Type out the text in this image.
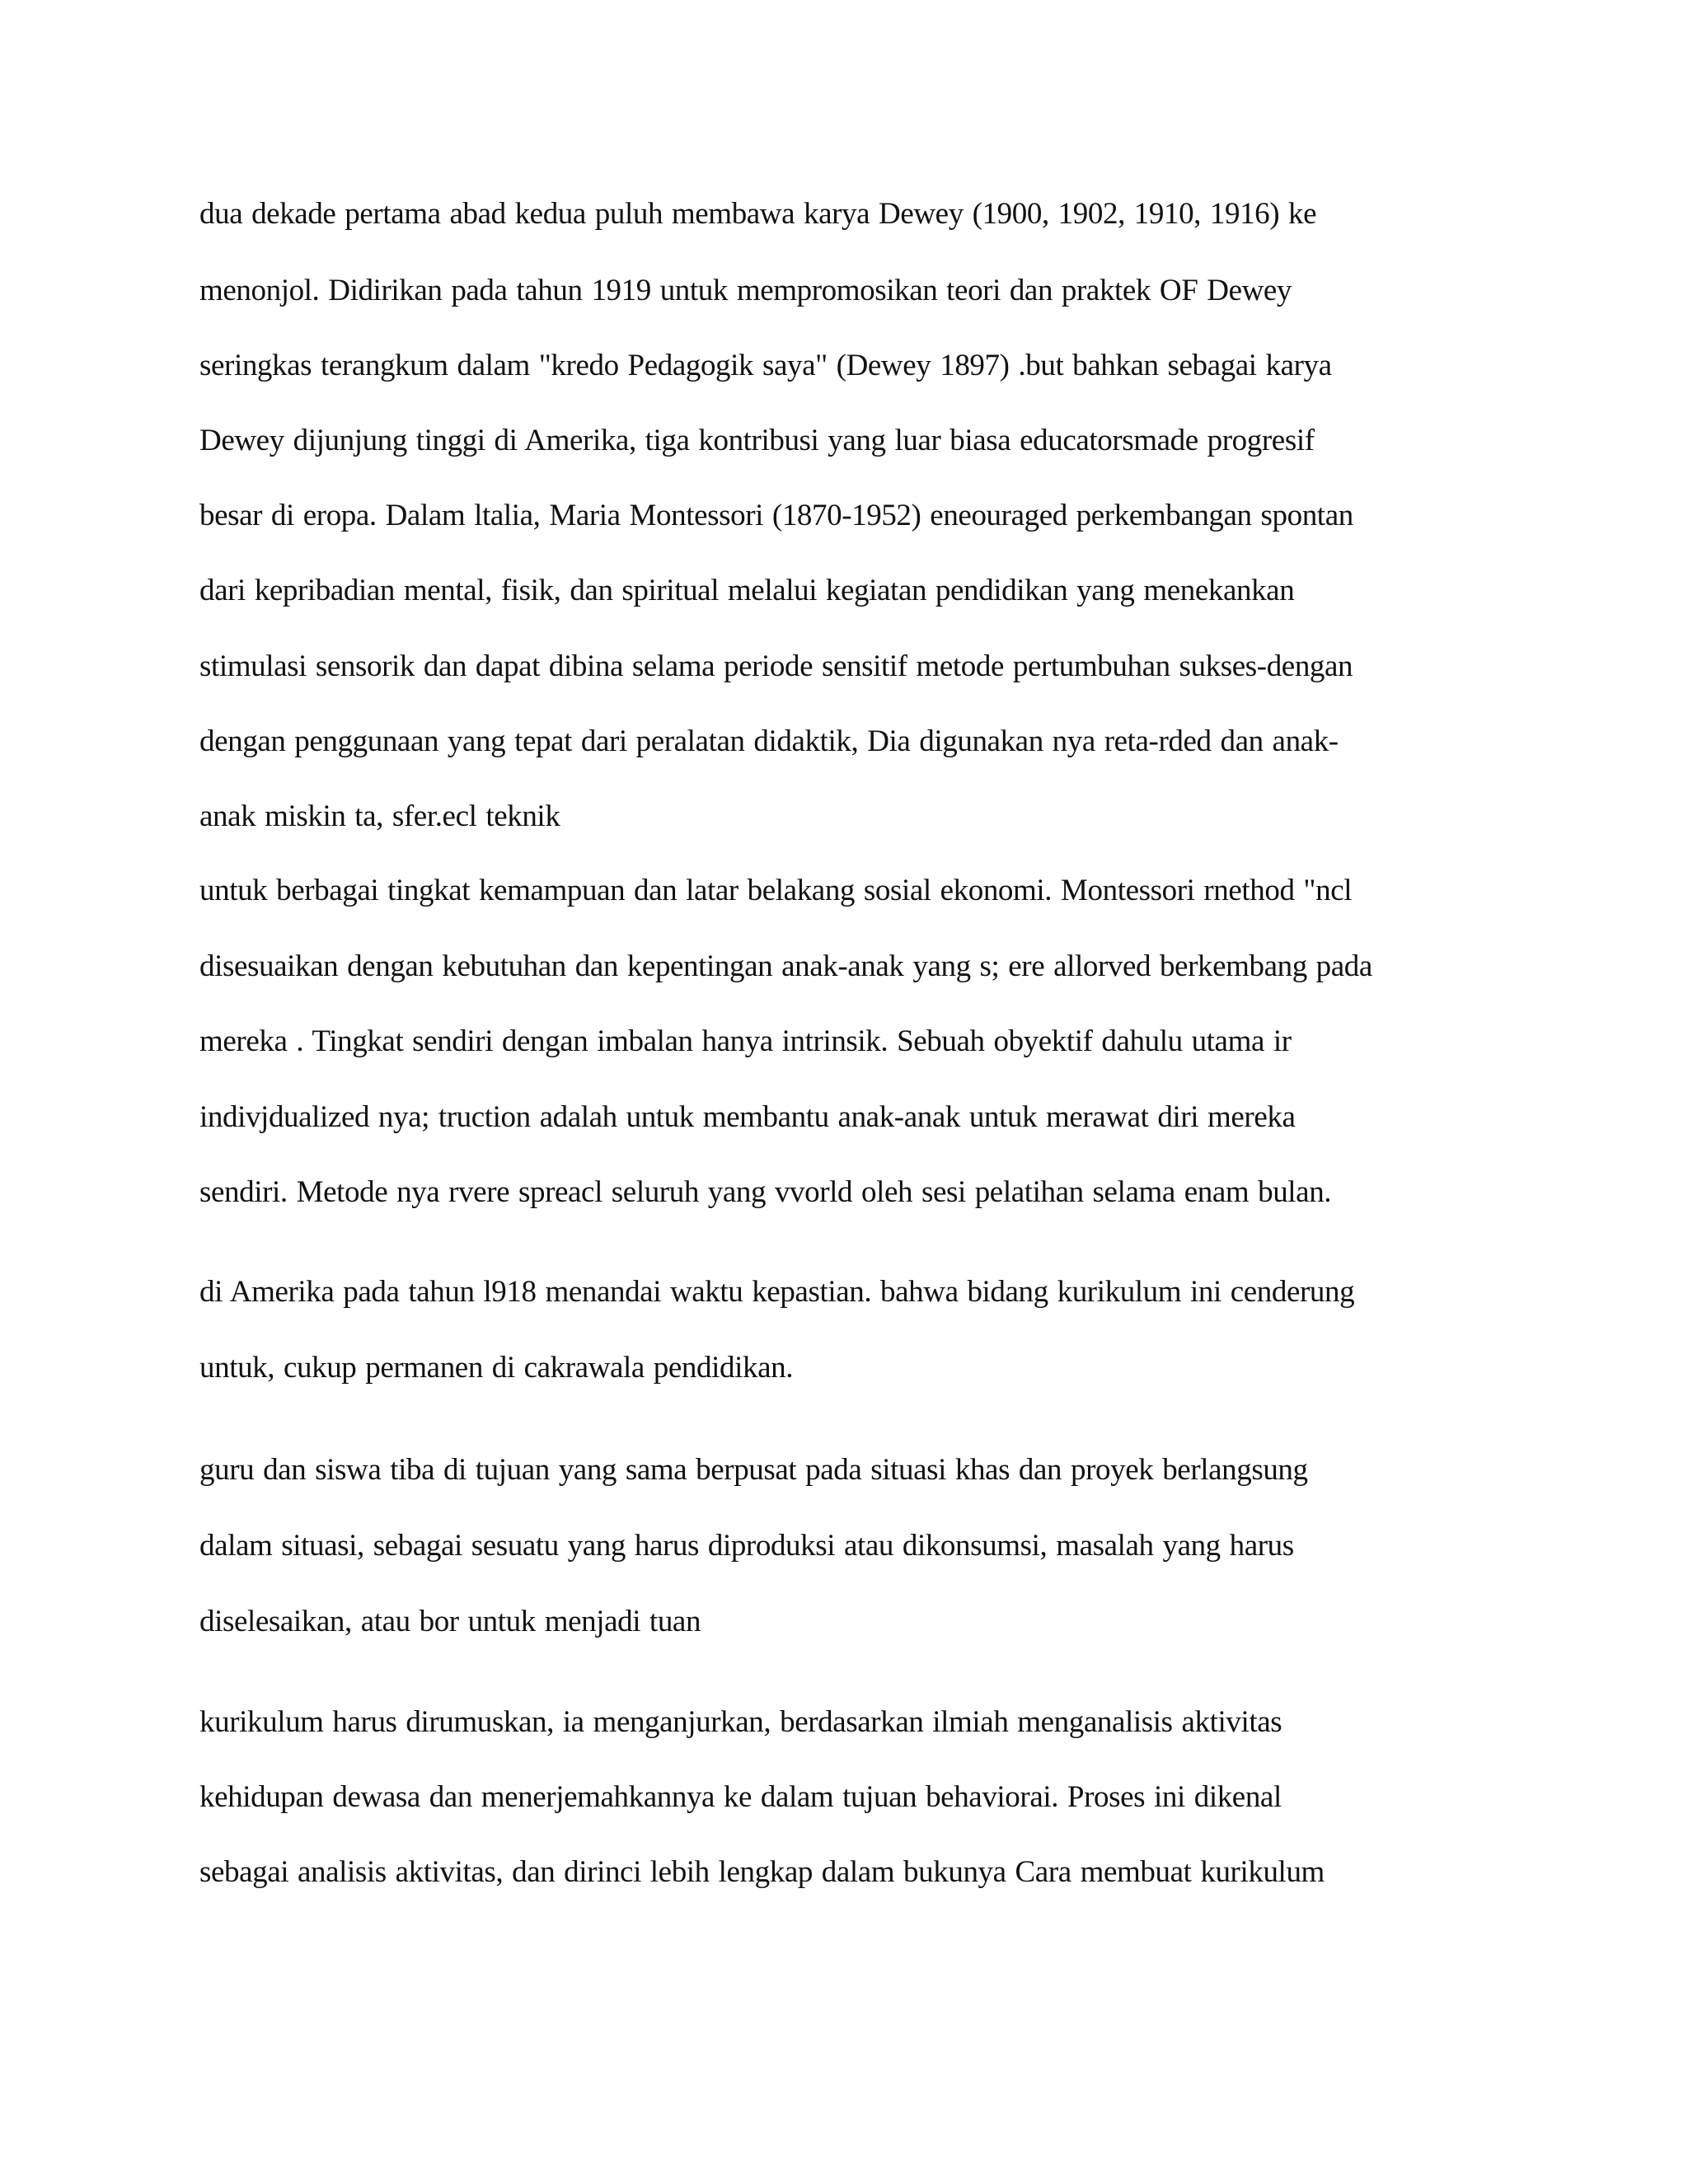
dua dekade pertama abad kedua puluh membawa karya Dewey (1900, 1902, 1910, 1916) ke
menonjol. Didirikan pada tahun 1919 untuk mempromosikan teori dan praktek OF Dewey
seringkas terangkum dalam "kredo Pedagogik saya" (Dewey 1897) .but bahkan sebagai karya
Dewey dijunjung tinggi di Amerika, tiga kontribusi yang luar biasa educatorsmade progresif
besar di eropa. Dalam ltalia, Maria Montessori (1870-1952) eneouraged perkembangan spontan
dari kepribadian mental, fisik, dan spiritual melalui kegiatan pendidikan yang menekankan
stimulasi sensorik dan dapat dibina selama periode sensitif metode pertumbuhan sukses-dengan
dengan penggunaan yang tepat dari peralatan didaktik, Dia digunakan nya reta-rded dan anak-
anak miskin ta, sfer.ecl teknik
untuk berbagai tingkat kemampuan dan latar belakang sosial ekonomi. Montessori rnethod "ncl
disesuaikan dengan kebutuhan dan kepentingan anak-anak yang s; ere allorved berkembang pada
mereka . Tingkat sendiri dengan imbalan hanya intrinsik. Sebuah obyektif dahulu utama ir
indivjdualized nya; truction adalah untuk membantu anak-anak untuk merawat diri mereka
sendiri. Metode nya rvere spreacl seluruh yang vvorld oleh sesi pelatihan selama enam bulan.
di Amerika pada tahun l918 menandai waktu kepastian. bahwa bidang kurikulum ini cenderung
untuk, cukup permanen di cakrawala pendidikan.
guru dan siswa tiba di tujuan yang sama berpusat pada situasi khas dan proyek berlangsung
dalam situasi, sebagai sesuatu yang harus diproduksi atau dikonsumsi, masalah yang harus
diselesaikan, atau bor untuk menjadi tuan
kurikulum harus dirumuskan, ia menganjurkan, berdasarkan ilmiah menganalisis aktivitas
kehidupan dewasa dan menerjemahkannya ke dalam tujuan behaviorai. Proses ini dikenal
sebagai analisis aktivitas, dan dirinci lebih lengkap dalam bukunya Cara membuat kurikulum
